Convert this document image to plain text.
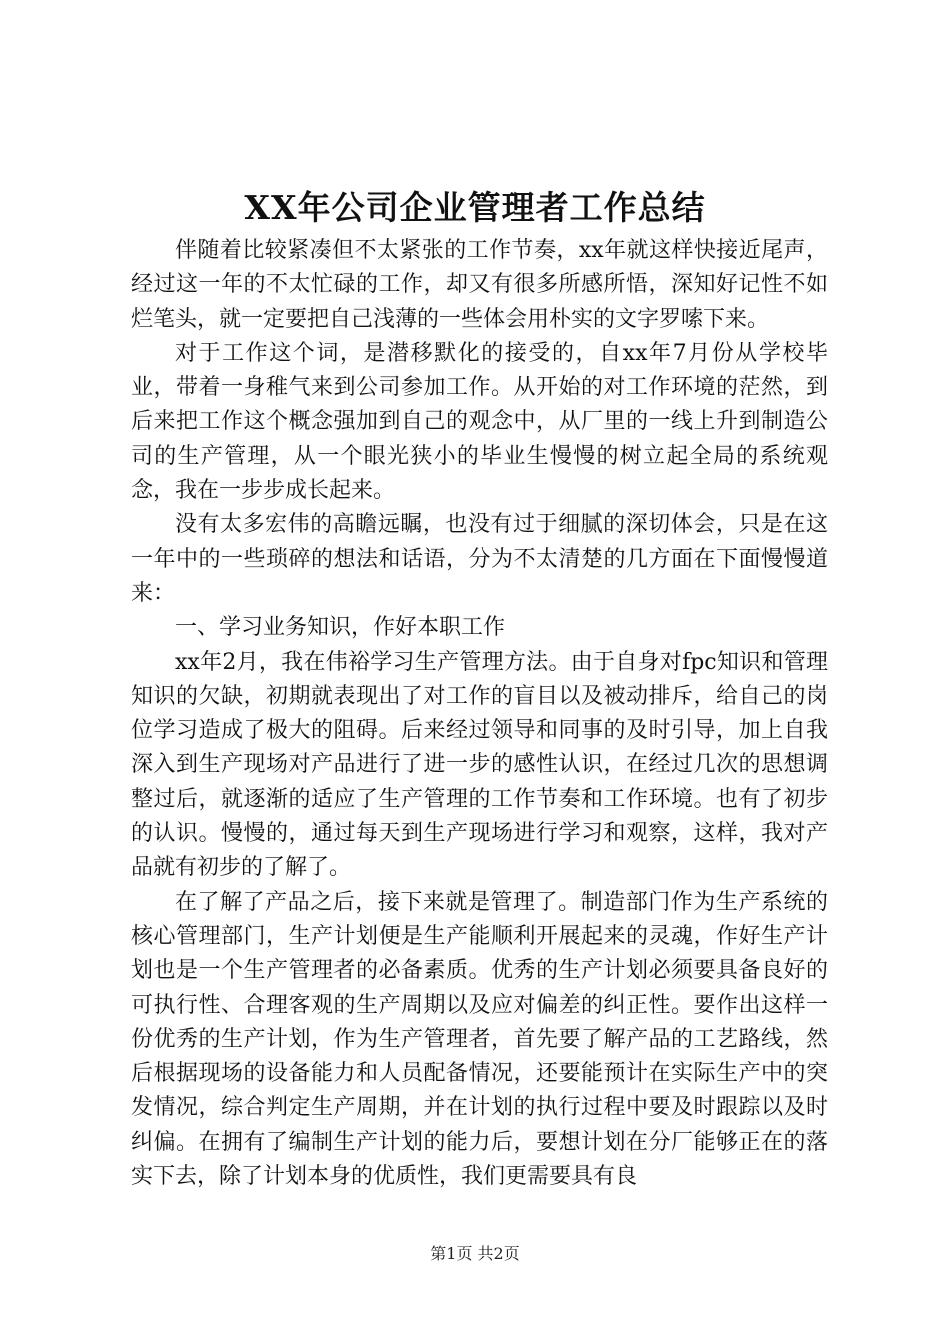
XX年公司企业管理者工作总结

伴随着比较紧凑但不太紧张的工作节奏，xx年就这样快接近尾声，经过这一年的不太忙碌的工作，却又有很多所感所悟，深知好记性不如烂笔头，就一定要把自己浅薄的一些体会用朴实的文字罗嗦下来。

对于工作这个词，是潜移默化的接受的，自xx年7月份从学校毕业，带着一身稚气来到公司参加工作。从开始的对工作环境的茫然，到后来把工作这个概念强加到自己的观念中，从厂里的一线上升到制造公司的生产管理，从一个眼光狭小的毕业生慢慢的树立起全局的系统观念，我在一步步成长起来。

没有太多宏伟的高瞻远瞩，也没有过于细腻的深切体会，只是在这一年中的一些琐碎的想法和话语，分为不太清楚的几方面在下面慢慢道来：

一、学习业务知识，作好本职工作

xx年2月，我在伟裕学习生产管理方法。由于自身对fpc知识和管理知识的欠缺，初期就表现出了对工作的盲目以及被动排斥，给自己的岗位学习造成了极大的阻碍。后来经过领导和同事的及时引导，加上自我深入到生产现场对产品进行了进一步的感性认识，在经过几次的思想调整过后，就逐渐的适应了生产管理的工作节奏和工作环境。也有了初步的认识。慢慢的，通过每天到生产现场进行学习和观察，这样，我对产品就有初步的了解了。

在了解了产品之后，接下来就是管理了。制造部门作为生产系统的核心管理部门，生产计划便是生产能顺利开展起来的灵魂，作好生产计划也是一个生产管理者的必备素质。优秀的生产计划必须要具备良好的可执行性、合理客观的生产周期以及应对偏差的纠正性。要作出这样一份优秀的生产计划，作为生产管理者，首先要了解产品的工艺路线，然后根据现场的设备能力和人员配备情况，还要能预计在实际生产中的突发情况，综合判定生产周期，并在计划的执行过程中要及时跟踪以及时纠偏。在拥有了编制生产计划的能力后，要想计划在分厂能够正在的落实下去，除了计划本身的优质性，我们更需要具有良

第1页 共2页
